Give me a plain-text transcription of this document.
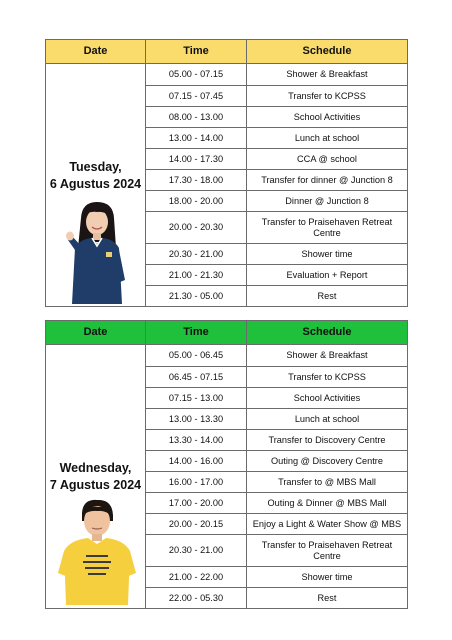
Date	Time	Schedule

Tuesday,
6 Agustus 2024	05.00 - 07.15	Shower & Breakfast
	07.15 - 07.45	Transfer to KCPSS
	08.00 - 13.00	School Activities
	13.00 - 14.00	Lunch at school
	14.00 - 17.30	CCA @ school
	17.30 - 18.00	Transfer for dinner @ Junction 8
	18.00 - 20.00	Dinner @ Junction 8
	20.00 - 20.30	Transfer to Praisehaven Retreat Centre
	20.30 - 21.00	Shower time
	21.00 - 21.30	Evaluation + Report
	21.30 - 05.00	Rest
Date	Time	Schedule

Wednesday,
7 Agustus 2024	05.00 - 06.45	Shower & Breakfast
	06.45 - 07.15	Transfer to KCPSS
	07.15 - 13.00	School Activities
	13.00 - 13.30	Lunch at school
	13.30 - 14.00	Transfer to Discovery Centre
	14.00 - 16.00	Outing @ Discovery Centre
	16.00 - 17.00	Transfer to @ MBS Mall
	17.00 - 20.00	Outing & Dinner @ MBS Mall
	20.00 - 20.15	Enjoy a Light & Water Show @ MBS
	20.30 - 21.00	Transfer to Praisehaven Retreat Centre
	21.00 - 22.00	Shower time
	22.00 - 05.30	Rest
